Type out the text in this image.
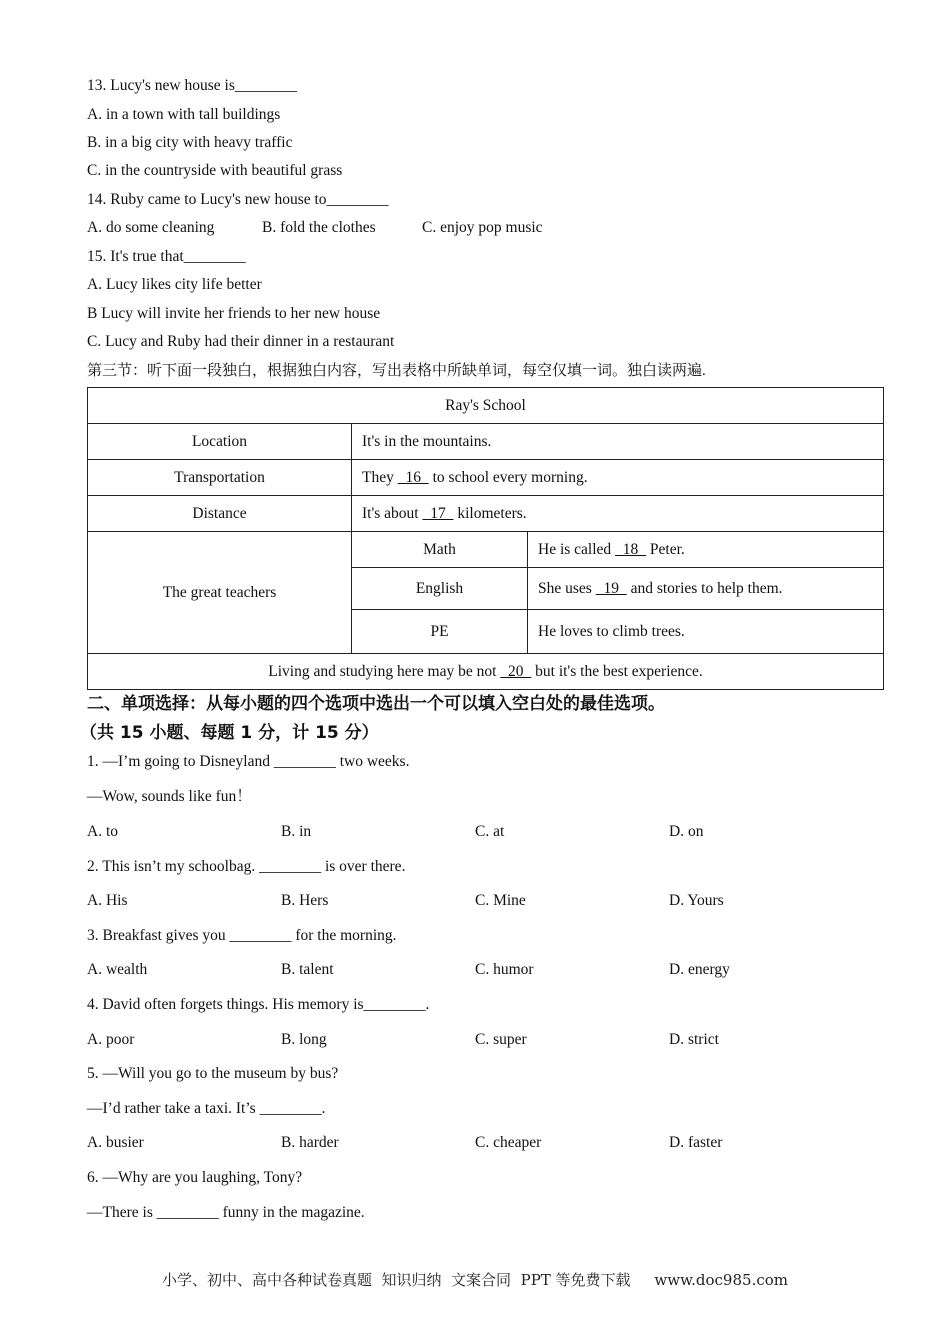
13. Lucy's new house is________
A. in a town with tall buildings
B. in a big city with heavy traffic
C. in the countryside with beautiful grass
14. Ruby came to Lucy's new house to________
A. do some cleaning	B. fold the clothes	C. enjoy pop music
15. It's true that________
A. Lucy likes city life better
B Lucy will invite her friends to her new house
C. Lucy and Ruby had their dinner in a restaurant
第三节：听下面一段独白，根据独白内容，写出表格中所缺单词，每空仅填一词。独白读两遍.
Ray's School		
Location	It's in the mountains.	
Transportation	They   16   to school every morning.	
Distance	It's about   17   kilometers.	
The great teachers	Math	He is called   18   Peter.
	English	She uses   19   and stories to help them.
	PE	He loves to climb trees.
Living and studying here may be not   20   but it's the best experience.		
二、单项选择：从每小题的四个选项中选出一个可以填入空白处的最佳选项。
（共 15 小题、每题 1 分，计 15 分）
1. —I’m going to Disneyland ________ two weeks.
—Wow, sounds like fun！
A. to	B. in	C. at	D. on
2. This isn’t my schoolbag. ________ is over there.
A. His	B. Hers	C. Mine	D. Yours
3. Breakfast gives you ________ for the morning.
A. wealth	B. talent	C. humor	D. energy
4. David often forgets things. His memory is________.
A. poor	B. long	C. super	D. strict
5. —Will you go to the museum by bus?
—I’d rather take a taxi. It’s ________.
A. busier	B. harder	C. cheaper	D. faster
6. —Why are you laughing, Tony?
—There is ________ funny in the magazine.
小学、初中、高中各种试卷真题  知识归纳  文案合同  PPT 等免费下载     www.doc985.com
